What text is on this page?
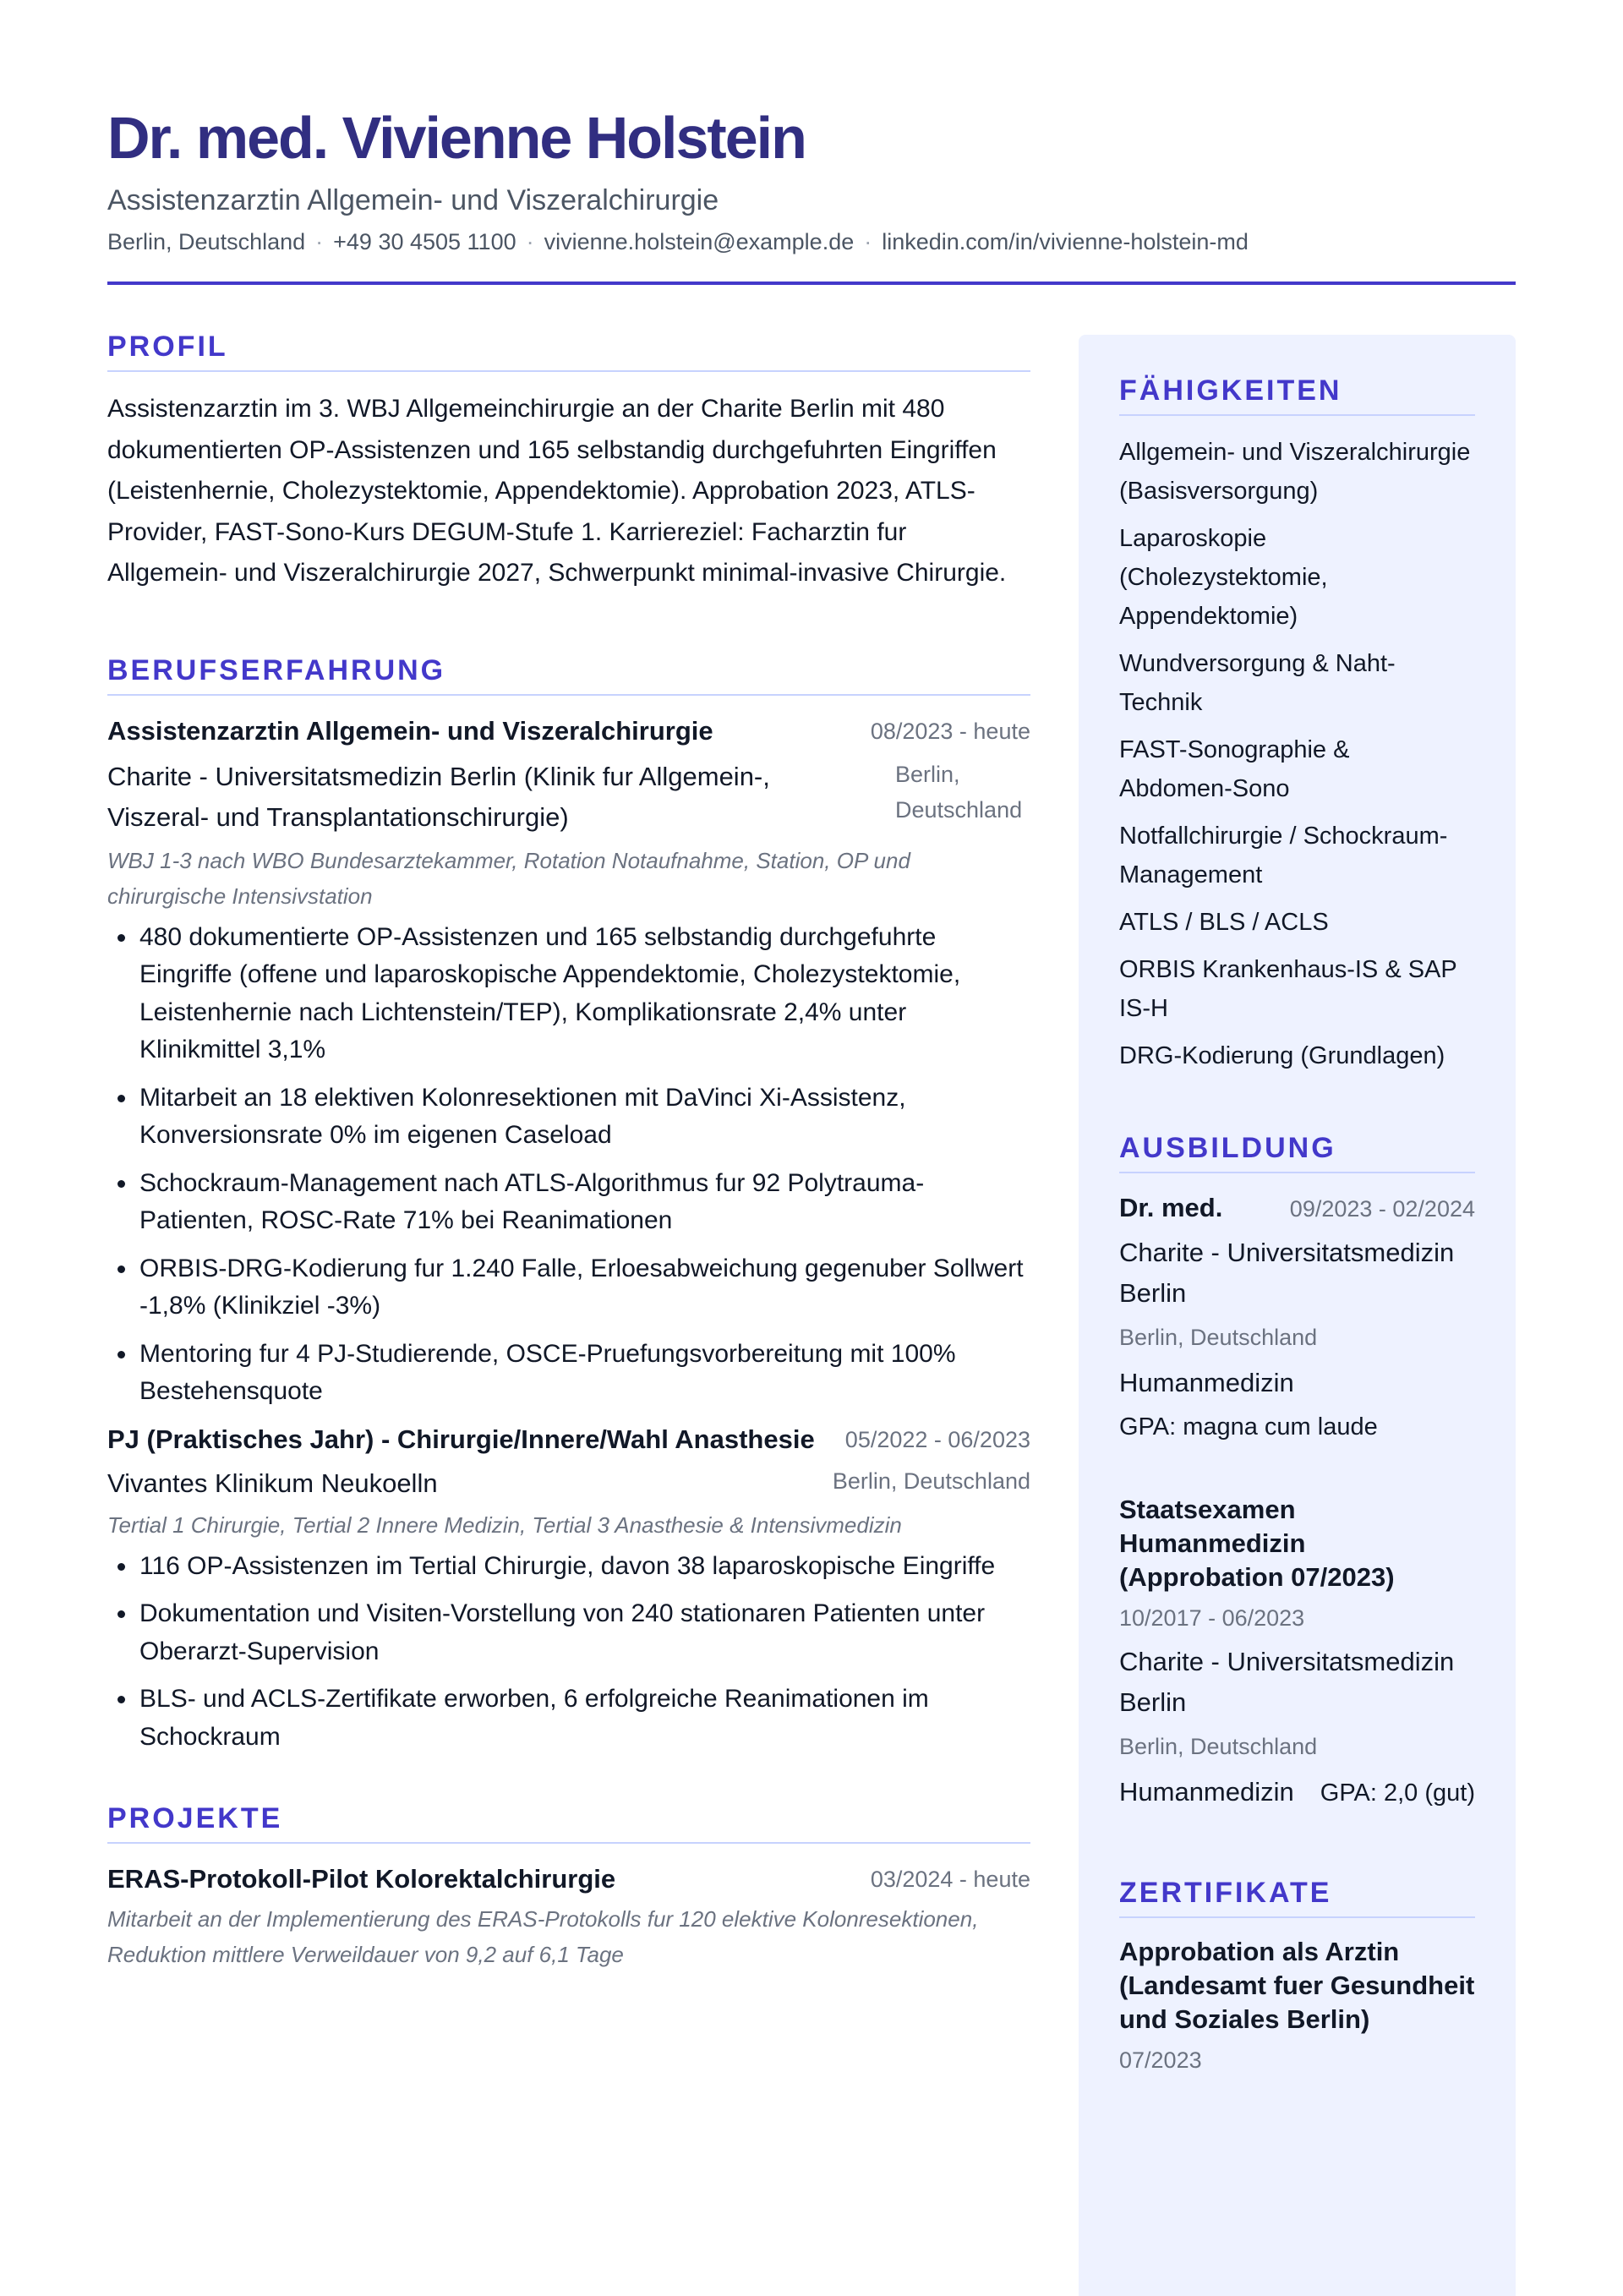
Dr. med. Vivienne Holstein
Assistenzarztin Allgemein- und Viszeralchirurgie
Berlin, Deutschland · +49 30 4505 1100 · vivienne.holstein@example.de · linkedin.com/in/vivienne-holstein-md
PROFIL
Assistenzarztin im 3. WBJ Allgemeinchirurgie an der Charite Berlin mit 480 dokumentierten OP-Assistenzen und 165 selbstandig durchgefuhrten Eingriffen (Leistenhernie, Cholezystektomie, Appendektomie). Approbation 2023, ATLS-Provider, FAST-Sono-Kurs DEGUM-Stufe 1. Karriereziel: Facharztin fur Allgemein- und Viszeralchirurgie 2027, Schwerpunkt minimal-invasive Chirurgie.
BERUFSERFAHRUNG
Assistenzarztin Allgemein- und Viszeralchirurgie	08/2023 - heute
Charite - Universitatsmedizin Berlin (Klinik fur Allgemein-, Viszeral- und Transplantationschirurgie)
Berlin, Deutschland
WBJ 1-3 nach WBO Bundesarztekammer, Rotation Notaufnahme, Station, OP und chirurgische Intensivstation
• 480 dokumentierte OP-Assistenzen und 165 selbstandig durchgefuhrte Eingriffe (offene und laparoskopische Appendektomie, Cholezystektomie, Leistenhernie nach Lichtenstein/TEP), Komplikationsrate 2,4% unter Klinikmittel 3,1%
• Mitarbeit an 18 elektiven Kolonresektionen mit DaVinci Xi-Assistenz, Konversionsrate 0% im eigenen Caseload
• Schockraum-Management nach ATLS-Algorithmus fur 92 Polytrauma-Patienten, ROSC-Rate 71% bei Reanimationen
• ORBIS-DRG-Kodierung fur 1.240 Falle, Erloesabweichung gegenuber Sollwert -1,8% (Klinikziel -3%)
• Mentoring fur 4 PJ-Studierende, OSCE-Pruefungsvorbereitung mit 100% Bestehensquote
PJ (Praktisches Jahr) - Chirurgie/Innere/Wahl Anasthesie 05/2022 - 06/2023
Vivantes Klinikum Neukoelln	Berlin, Deutschland
Tertial 1 Chirurgie, Tertial 2 Innere Medizin, Tertial 3 Anasthesie & Intensivmedizin
• 116 OP-Assistenzen im Tertial Chirurgie, davon 38 laparoskopische Eingriffe
• Dokumentation und Visiten-Vorstellung von 240 stationaren Patienten unter Oberarzt-Supervision
• BLS- und ACLS-Zertifikate erworben, 6 erfolgreiche Reanimationen im Schockraum
PROJEKTE
ERAS-Protokoll-Pilot Kolorektalchirurgie	03/2024 - heute
Mitarbeit an der Implementierung des ERAS-Protokolls fur 120 elektive Kolonresektionen, Reduktion mittlere Verweildauer von 9,2 auf 6,1 Tage
FÄHIGKEITEN
Allgemein- und Viszeralchirurgie (Basisversorgung)
Laparoskopie (Cholezystektomie, Appendektomie)
Wundversorgung & Naht-Technik
FAST-Sonographie & Abdomen-Sono
Notfallchirurgie / Schockraum-Management
ATLS / BLS / ACLS
ORBIS Krankenhaus-IS & SAP IS-H
DRG-Kodierung (Grundlagen)
AUSBILDUNG
Dr. med.	09/2023 - 02/2024
Charite - Universitatsmedizin Berlin
Berlin, Deutschland
Humanmedizin
GPA: magna cum laude
Staatsexamen Humanmedizin (Approbation 07/2023)
10/2017 - 06/2023
Charite - Universitatsmedizin Berlin
Berlin, Deutschland
Humanmedizin GPA: 2,0 (gut)
ZERTIFIKATE
Approbation als Arztin (Landesamt fuer Gesundheit und Soziales Berlin)
07/2023
